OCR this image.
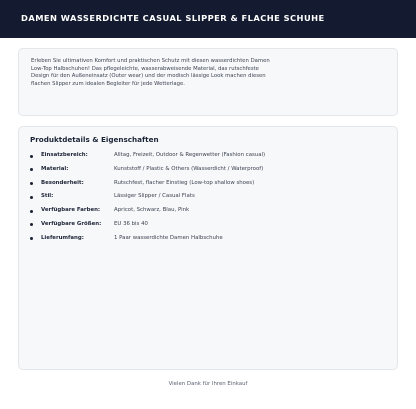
DAMEN WASSERDICHTE CASUAL SLIPPER & FLACHE SCHUHE

Erleben Sie ultimativen Komfort und praktischen Schutz mit diesen wasserdichten Damen Low-Top Halbschuhen! Das pflegeleichte, wasserabweisende Material, das rutschfeste Design für den Außeneinsatz (Outer wear) und der modisch lässige Look machen diesen flachen Slipper zum idealen Begleiter für jede Wetterlage.

Produktdetails & Eigenschaften
Einsatzbereich:	Alltag, Freizeit, Outdoor & Regenwetter (Fashion casual)
Material:	Kunststoff / Plastic & Others (Wasserdicht / Waterproof)
Besonderheit:	Rutschfest, flacher Einstieg (Low-top shallow shoes)
Stil:	Lässiger Slipper / Casual Flats
Verfügbare Farben:	Apricot, Schwarz, Blau, Pink
Verfügbare Größen: EU 36 bis 40
Lieferumfang:	1 Paar wasserdichte Damen Halbschuhe
Vielen Dank für Ihren Einkauf
